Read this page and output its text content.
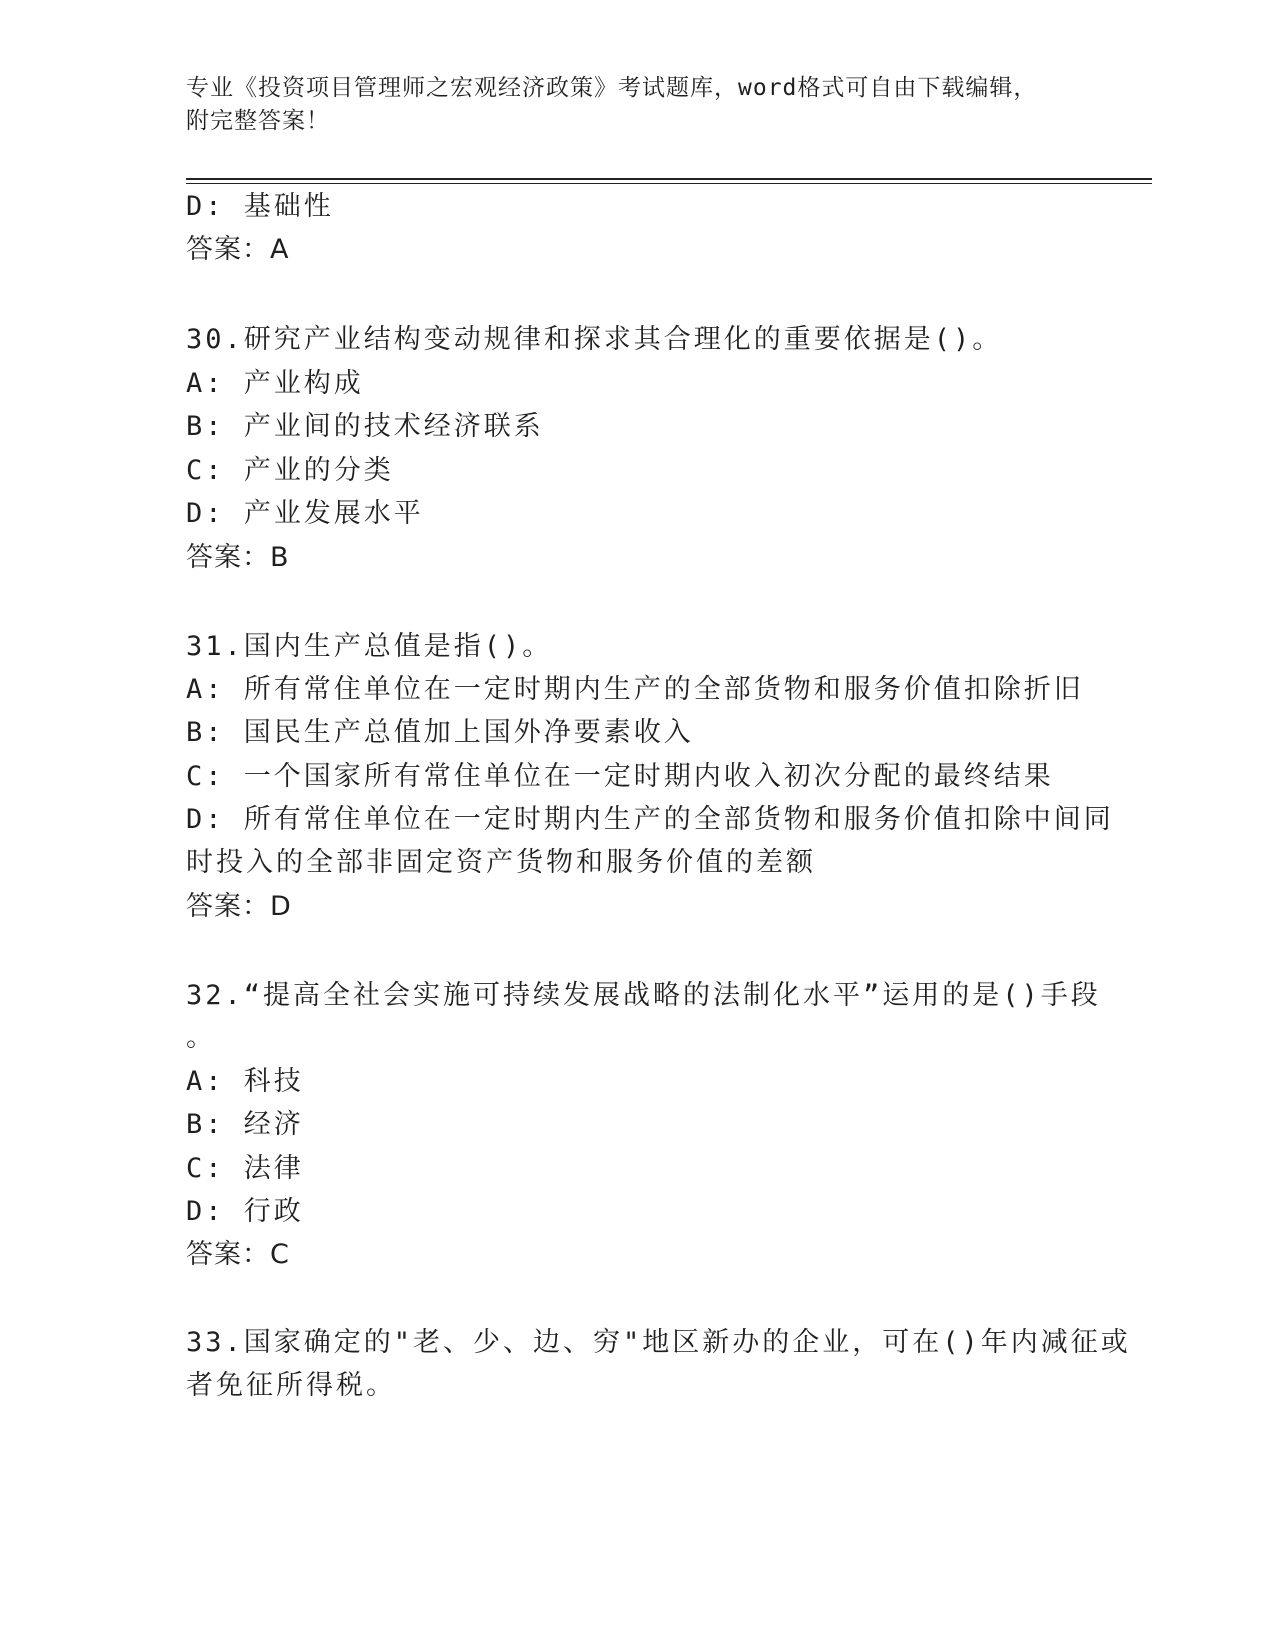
专业《投资项目管理师之宏观经济政策》考试题库，word格式可自由下载编辑，
附完整答案！
D: 基础性
答案：A
30.研究产业结构变动规律和探求其合理化的重要依据是()。
A: 产业构成
B: 产业间的技术经济联系
C: 产业的分类
D: 产业发展水平
答案：B
31.国内生产总值是指()。
A: 所有常住单位在一定时期内生产的全部货物和服务价值扣除折旧
B: 国民生产总值加上国外净要素收入
C: 一个国家所有常住单位在一定时期内收入初次分配的最终结果
D: 所有常住单位在一定时期内生产的全部货物和服务价值扣除中间同
时投入的全部非固定资产货物和服务价值的差额
答案：D
32.“提高全社会实施可持续发展战略的法制化水平”运用的是()手段
。
A: 科技
B: 经济
C: 法律
D: 行政
答案：C
33.国家确定的"老、少、边、穷"地区新办的企业，可在()年内减征或
者免征所得税。
